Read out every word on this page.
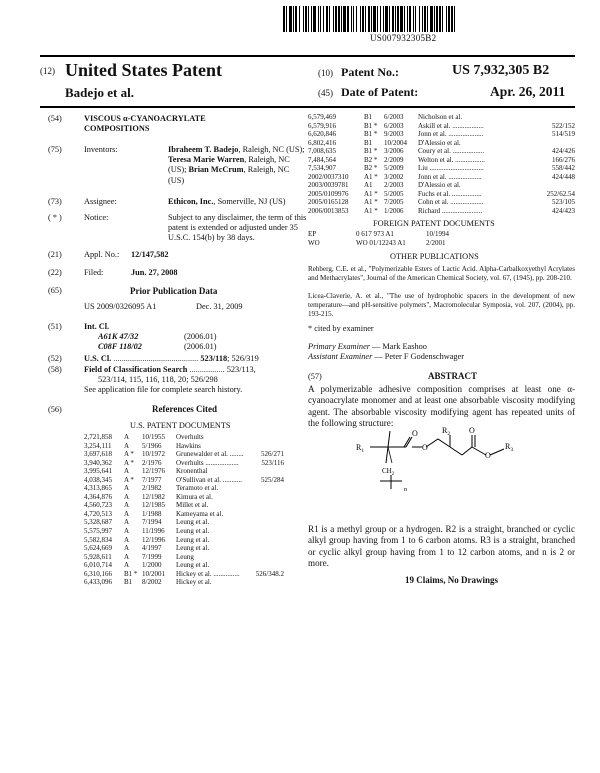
US007932305B2
(12) United States Patent
Badejo et al.
(10) Patent No.:	US 7,932,305 B2
(45) Date of Patent:	Apr. 26, 2011
(54)	VISCOUS α-CYANOACRYLATE
COMPOSITIONS
(75)	Inventors:	Ibraheem T. Badejo, Raleigh, NC (US);
Teresa Marie Warren, Raleigh, NC
(US); Brian McCrum, Raleigh, NC
(US)
(73)	Assignee:	Ethicon, Inc., Somerville, NJ (US)
( * )	Notice:	Subject to any disclaimer, the term of this
patent is extended or adjusted under 35
U.S.C. 154(b) by 38 days.
(21)	Appl. No.: 12/147,582
(22)	Filed:	Jun. 27, 2008
(65)	Prior Publication Data
US 2009/0326095 A1	Dec. 31, 2009
(51)	Int. Cl.
A61K 47/32	(2006.01)
C08F 118/02	(2006.01)
(52)	U.S. Cl. ......................................... 523/118; 526/319
(58)	Field of Classification Search ................. 523/113,
523/114, 115, 116, 118, 20; 526/298
See application file for complete search history.
(56)	References Cited
U.S. PATENT DOCUMENTS
2,721,858	A	10/1955	Overhults
3,254,111	A	5/1966	Hawkins
3,697,618	A *	10/1972	Grunewalder et al. ........	526/271
3,940,362	A *	2/1976	Overhults ...................	523/116
3,995,641	A	12/1976	Kronenthal
4,038,345	A *	7/1977	O'Sullivan et al. ...........	525/284
4,313,865	A	2/1982	Teramoto et al.
4,364,876	A	12/1982	Kimura et al.
4,560,723	A	12/1985	Millet et al.
4,720,513	A	1/1988	Kameyama et al.
5,328,687	A	7/1994	Leung et al.
5,575,997	A	11/1996	Leung et al.
5,582,834	A	12/1996	Leung et al.
5,624,669	A	4/1997	Leung et al.
5,928,611	A	7/1999	Leung
6,010,714	A	1/2000	Leung et al.
6,310,166	B1 * 10/2001	Hickey et al. ...............	526/348.2
6,433,096	B1	8/2002	Hickey et al.
6,579,469	B1	6/2003	Nicholson et al.
6,579,916	B1 * 6/2003	Askill et al. ..................	522/152
6,620,846	B1 * 9/2003	Jonn et al. ....................	514/519
6,802,416	B1	10/2004	D'Alessio et al.
7,008,635	B1 * 3/2006	Coury et al. ..................	424/426
7,484,564	B2 * 2/2009	Welton et al. .................	166/276
7,534,907	B2 * 5/2009	Liu ...............................	558/442
2002/0037310	A1 * 3/2002	Jonn et al. ...................	424/448
2003/0039781	A1	2/2003	D'Alessio et al.
2005/0109976	A1 * 5/2005	Fuchs et al. .................	252/62.54
2005/0165128	A1 * 7/2005	Cohn et al. ...................	523/105
2006/0013853	A1 * 1/2006	Richard .......................	424/423
FOREIGN PATENT DOCUMENTS
EP	0 617 973 A1	10/1994
WO	WO 01/12243 A1	2/2001
OTHER PUBLICATIONS
Rehberg, C.E. et al., "Polymerizable Esters of Lactic Acid. Alpha-Carbalkoxyethyl Acrylates and Methacrylates", Journal of the American Chemical Society, vol. 67, (1945), pp. 208-210.
Licea-Claverie, A. et al., "The use of hydrophobic spacers in the development of new temperature—and pH-sensitive polymers", Macromolecular Symposia, vol. 207, (2004), pp. 193-215.
* cited by examiner
Primary Examiner — Mark Eashoo
Assistant Examiner — Peter F Godenschwager
(57)	ABSTRACT
A polymerizable adhesive composition comprises at least one α-cyanoacrylate monomer and at least one absorbable viscosity modifying agent. The absorbable viscosity modifying agent has repeated units of the following structure:
$R_1$
O
O
$R_2$ O
O
$R_3$
$CH_2$
n
R1 is a methyl group or a hydrogen. R2 is a straight, branched or cyclic alkyl group having from 1 to 6 carbon atoms. R3 is a straight, branched or cyclic alkyl group having from 1 to 12 carbon atoms, and n is 2 or more.
19 Claims, No Drawings
